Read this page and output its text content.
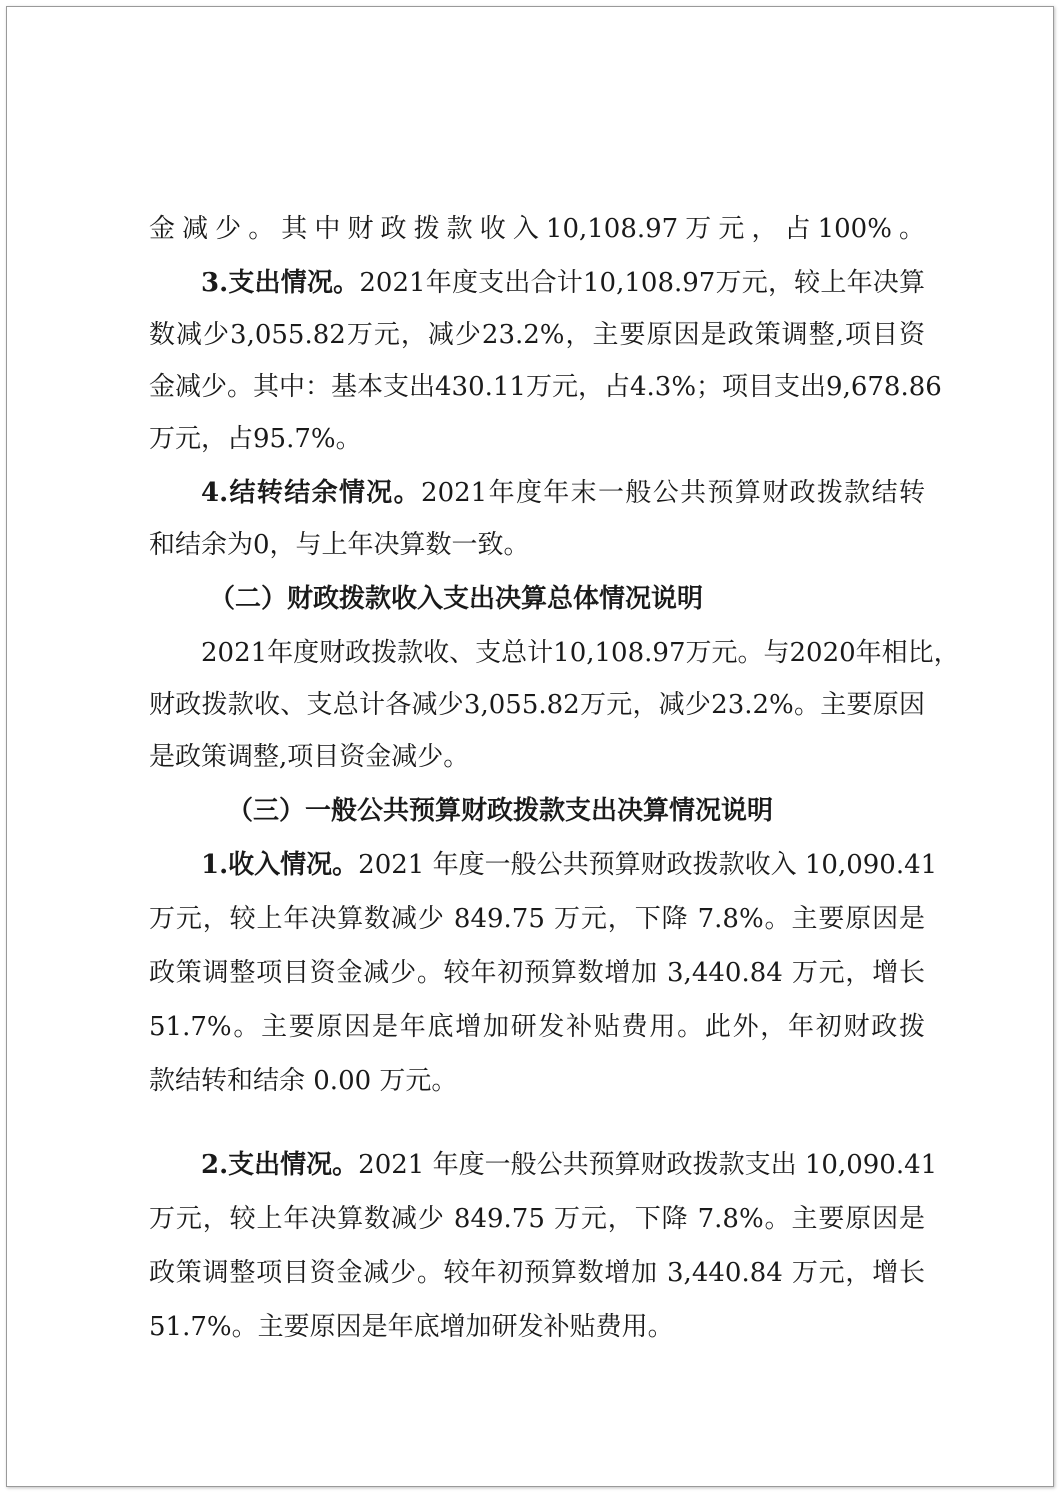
金减少。其中财政拨款收入10,108.97万元，占100%。
3.支出情况。2021年度支出合计10,108.97万元，较上年决算
数减少3,055.82万元，减少23.2%，主要原因是政策调整,项目资
金减少。其中：基本支出430.11万元，占4.3%；项目支出9,678.86
万元，占95.7%。
4.结转结余情况。2021年度年末一般公共预算财政拨款结转
和结余为0，与上年决算数一致。
（二）财政拨款收入支出决算总体情况说明
2021年度财政拨款收、支总计10,108.97万元。与2020年相比，
财政拨款收、支总计各减少3,055.82万元，减少23.2%。主要原因
是政策调整,项目资金减少。
（三）一般公共预算财政拨款支出决算情况说明
1.收入情况。2021 年度一般公共预算财政拨款收入 10,090.41
万元，较上年决算数减少 849.75 万元，下降 7.8%。主要原因是
政策调整项目资金减少。较年初预算数增加 3,440.84 万元，增长
51.7%。主要原因是年底增加研发补贴费用。此外，年初财政拨
款结转和结余 0.00 万元。
2.支出情况。2021 年度一般公共预算财政拨款支出 10,090.41
万元，较上年决算数减少 849.75 万元，下降 7.8%。主要原因是
政策调整项目资金减少。较年初预算数增加 3,440.84 万元，增长
51.7%。主要原因是年底增加研发补贴费用。
